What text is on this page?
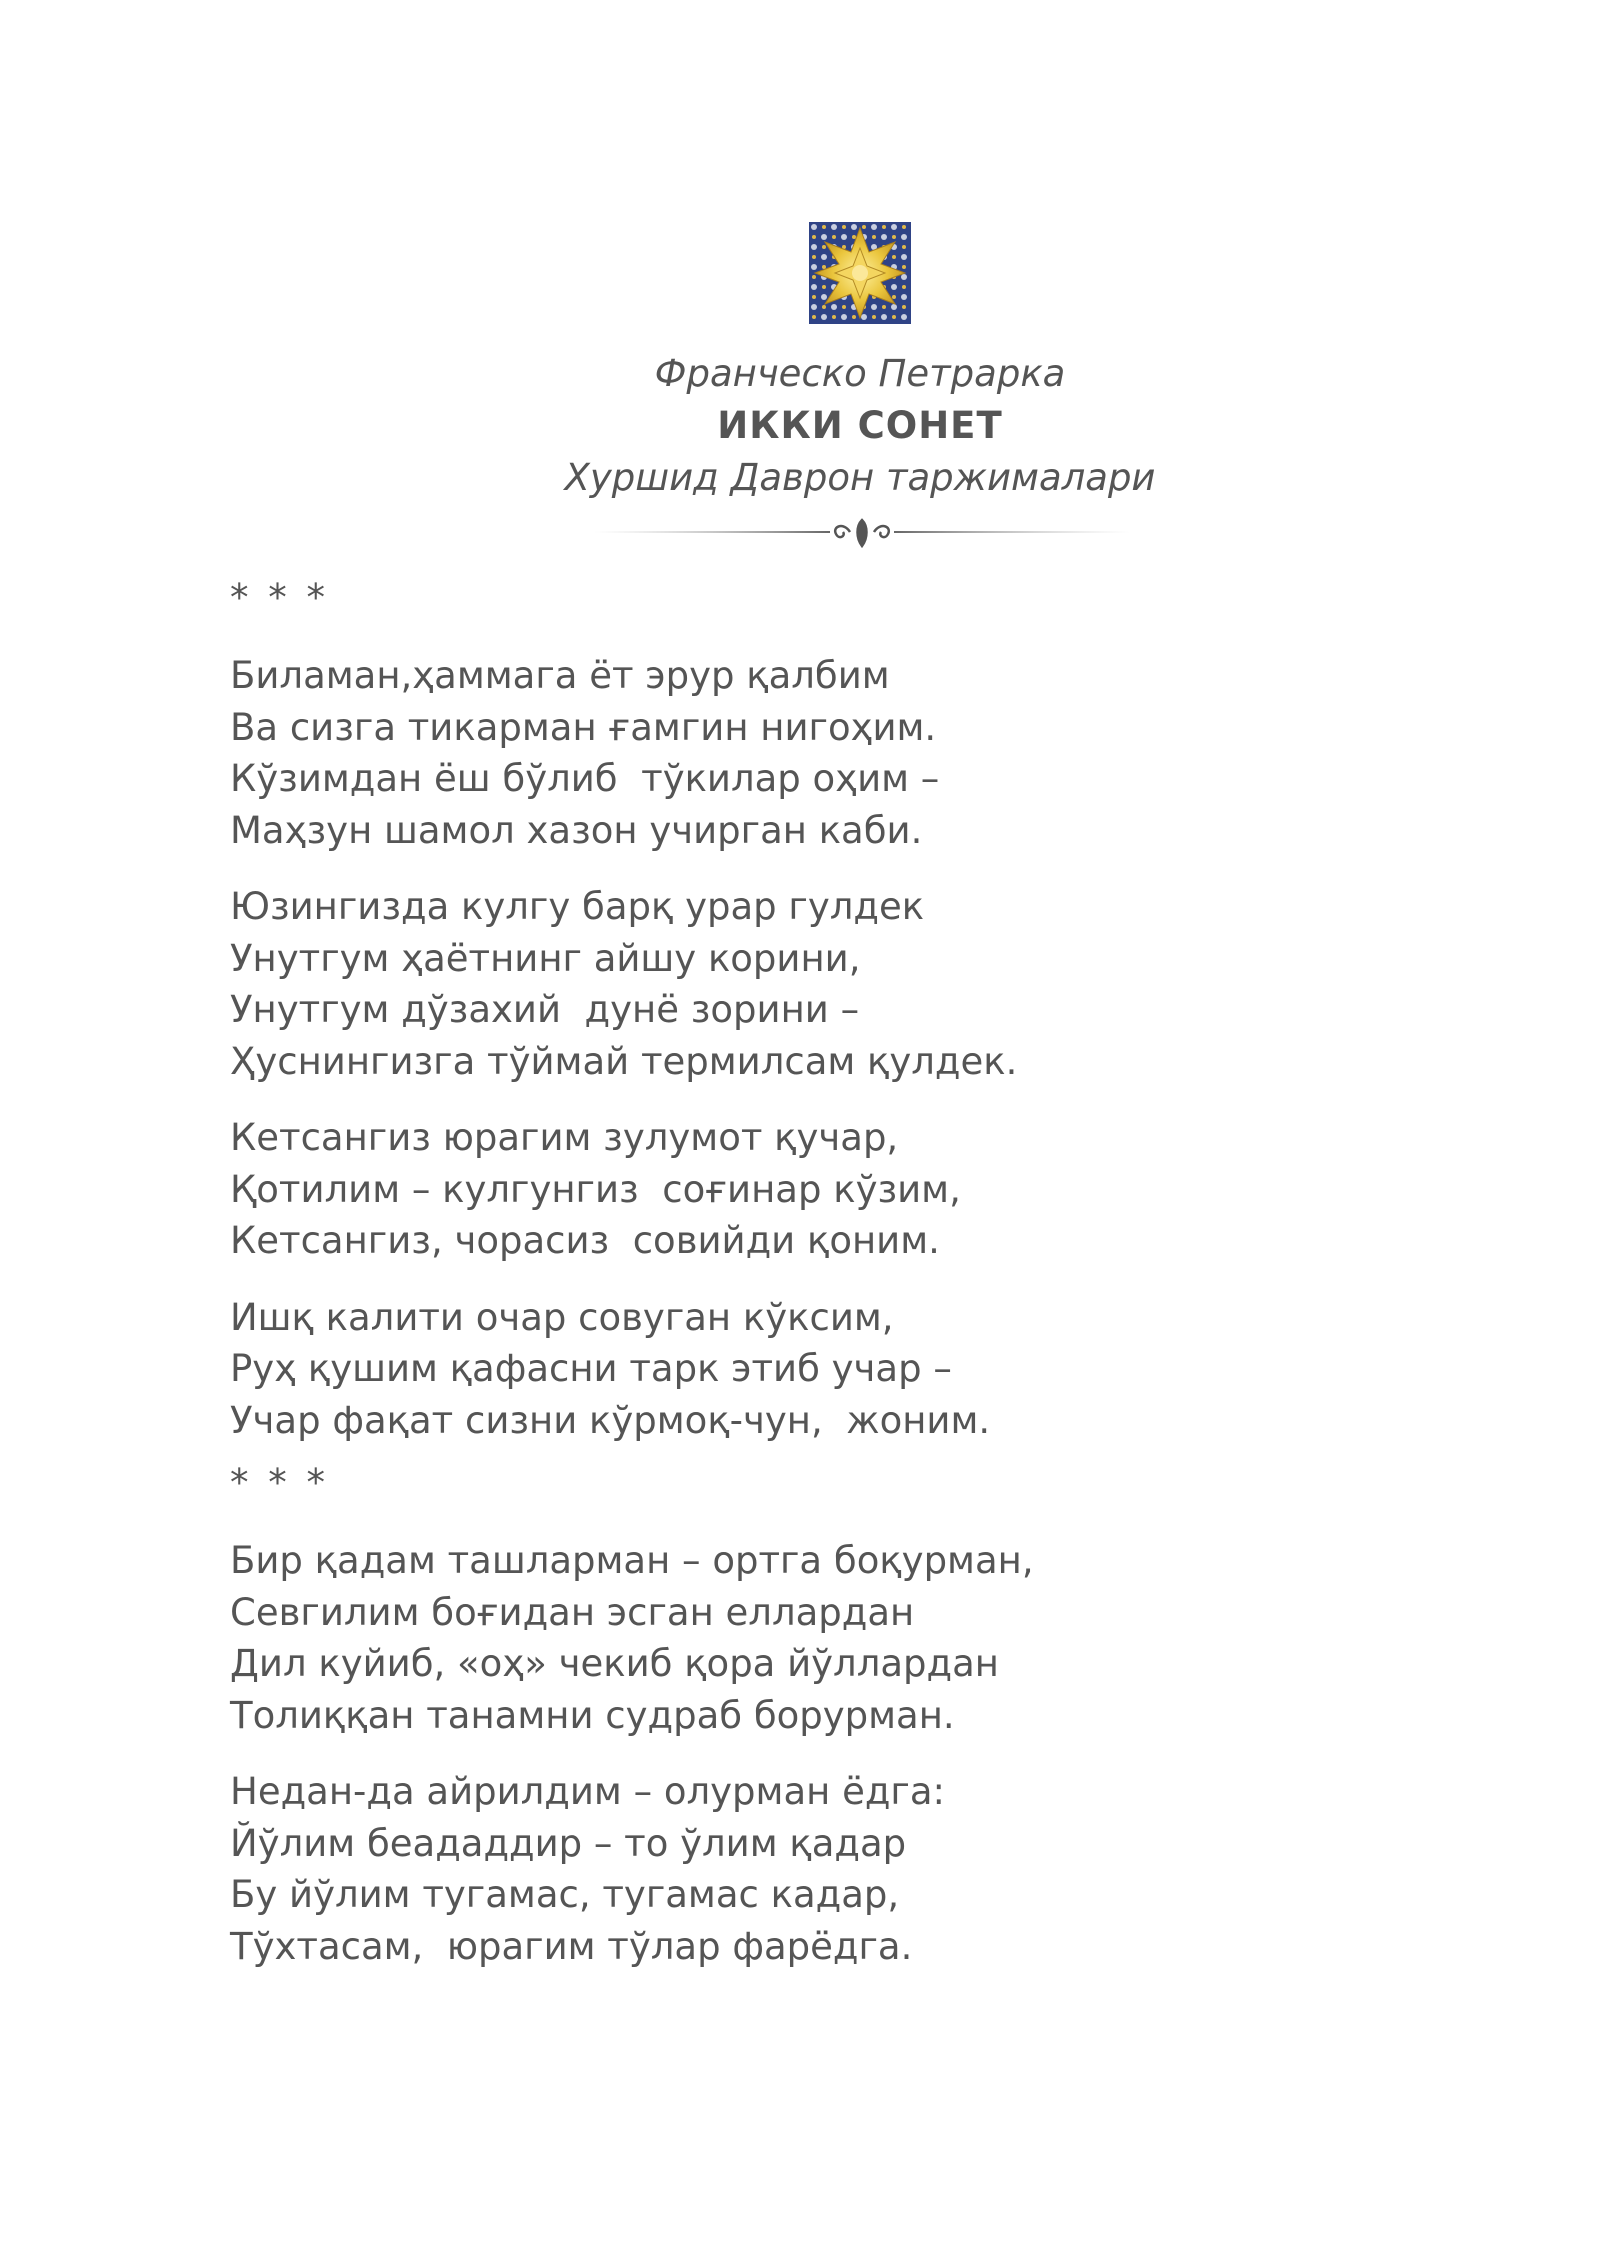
Франческо Петрарка
ИККИ СОНЕТ
Хуршид Даврон таржималари
* * *
Биламан,ҳаммага ёт эрур қалбим
Ва сизга тикарман ғамгин нигоҳим.
Кўзимдан ёш бўлиб  тўкилар оҳим –
Маҳзун шамол хазон учирган каби.
Юзингизда кулгу барқ урар гулдек
Унутгум ҳаётнинг айшу корини,
Унутгум дўзахий  дунё зорини –
Ҳуснингизга тўймай термилсам қулдек.
Кетсангиз юрагим зулумот қучар,
Қотилим – кулгунгиз  соғинар кўзим,
Кетсангиз, чорасиз  совийди қоним.
Ишқ калити очар совуган кўксим,
Руҳ қушим қафасни тарк этиб учар –
Учар фақат сизни кўрмоқ-чун,  жоним.
* * *
Бир қадам ташларман – ортга боқурман,
Севгилим боғидан эсган еллардан
Дил куйиб, «оҳ» чекиб қора йўллардан
Толиққан танамни судраб борурман.
Недан-да айрилдим – олурман ёдга:
Йўлим беададдир – то ўлим қадар
Бу йўлим тугамас, тугамас кадар,
Тўхтасам,  юрагим тўлар фарёдга.
